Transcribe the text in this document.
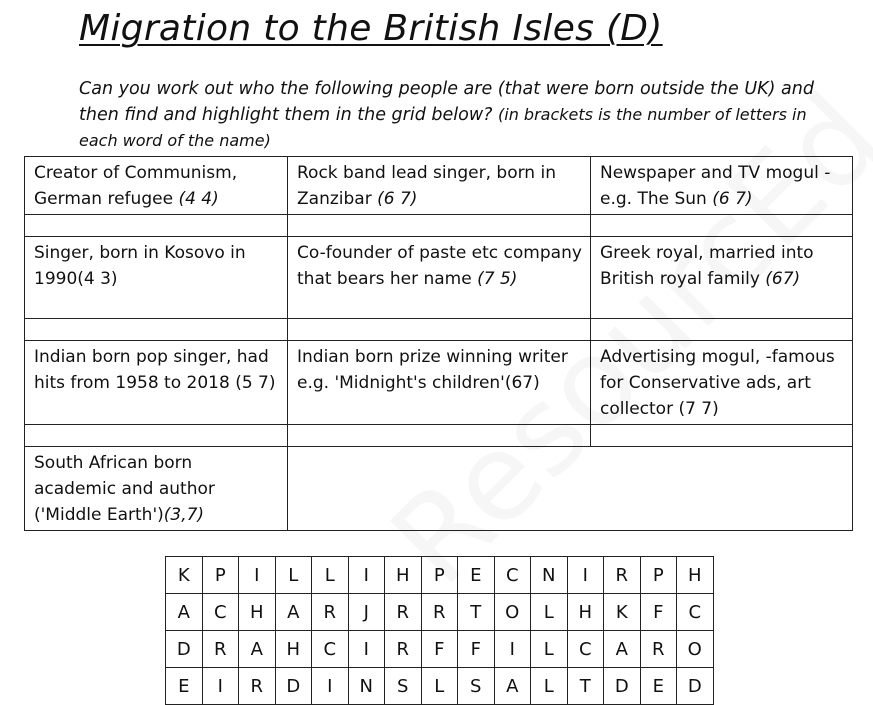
Migration to the British Isles (D)
Can you work out who the following people are (that were born outside the UK) and then find and highlight them in the grid below? (in brackets is the number of letters in each word of the name)
Creator of Communism, German refugee (4 4)	Rock band lead singer, born in Zanzibar (6 7)	Newspaper and TV mogul - e.g. The Sun (6 7)

Singer, born in Kosovo in 1990(4 3)	Co-founder of paste etc company that bears her name (7 5)	Greek royal, married into British royal family (67)

Indian born pop singer, had hits from 1958 to 2018 (5 7)	Indian born prize winning writer e.g. 'Midnight's children'(67)	Advertising mogul, -famous for Conservative ads, art collector (7 7)

South African born academic and author ('Middle Earth')(3,7)		
K	P	I	L	L	I	H	P	E	C	N	I	R	P	H
A	C	H	A	R	J	R	R	T	O	L	H	K	F	C
D	R	A	H	C	I	R	F	F	I	L	C	A	R	O
E	I	R	D	I	N	S	L	S	A	L	T	D	E	D
